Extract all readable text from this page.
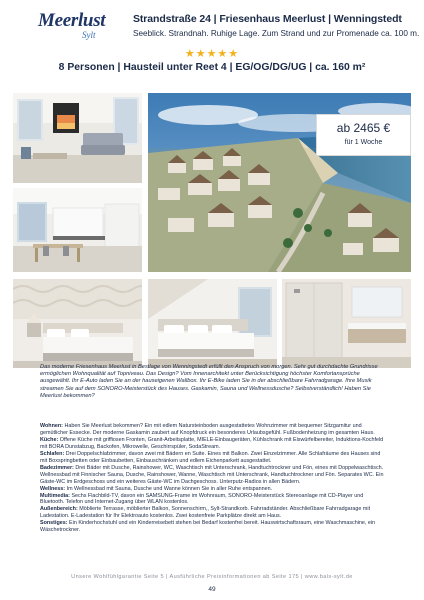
Meerlust
Sylt
Strandstraße 24 | Friesenhaus Meerlust | Wenningstedt
Seeblick. Strandnah. Ruhige Lage. Zum Strand und zur Promenade ca. 100 m.
★★★★★
8 Personen | Hausteil unter Reet 4 | EG/OG/DG/UG | ca. 160 m²
ab 2465 €
für 1 Woche
Das moderne Friesenhaus Meerlust in Bestlage von Wenningstedt erfüllt den Anspruch von morgen. Sehr gut durchdachte Grundrisse ermöglichen Wohnqualität auf Topniveau. Das Design? Vom Innenarchitekt unter Berücksichtigung höchster Komfortansprüche ausgewählt. Ihr E-Auto laden Sie an der hauseigenen Wallbox. Ihr E-Bike laden Sie in der abschließbare Fahrradgarage. Ihre Musik streamen Sie auf dem SONORO-Meisterstück des Hauses. Gaskamin, Sauna und Wellnessdusche? Selbstverständlich! Haben Sie Meerlust bekommen?

Wohnen: Haben Sie Meerlust bekommen? Ein mit edlem Natursteinboden ausgestattetes Wohnzimmer mit bequemer Sitzgarnitur und gemütlicher Essecke. Der moderne Gaskamin zaubert auf Knopfdruck ein besonderes Urlaubsgefühl. Fußbodenheizung im gesamten Haus.

Küche: Offene Küche mit griffiosen Fronten, Granit-Arbeitsplatte, MIELE-Einbaugeräten, Kühlschrank mit Eiswürfelbereiter, Induktions-Kochfeld mit BORA Dunstabzug, Backofen, Mikrowelle, Geschirrspüler, SodaStream.

Schlafen: Drei Doppelschlafzimmer, davon zwei mit Bädern en Suite. Eines mit Balkon. Zwei Einzelzimmer. Alle Schlafräume des Hauses sind mit Boxspringbetten oder Einbaubetten, Einbauschränken und edlem Eichenparkett ausgestattet.

Badezimmer: Drei Bäder mit Dusche, Rainshower, WC, Waschtisch mit Unterschrank, Handtuchtrockner und Fön, eines mit Doppelwaschtisch. Wellnessbad mit Finnischer Sauna, Dusche, Rainshower, Wanne, Waschtisch mit Unterschrank, Handtuchtrockner und Fön. Separates WC. Ein Gäste-WC im Erdgeschoss und ein weiteres Gäste-WC im Dachgeschoss. Unterputz-Radios in allen Bädern.

Wellness: Im Wellnessbad mit Sauna, Dusche und Wanne können Sie in aller Ruhe entspannen.

Multimedia: Sechs Flachbild-TV, davon ein SAMSUNG-Frame im Wohnraum, SONORO-Meisterstück Stereoanlage mit CD-Player und Bluetooth. Telefon und Internet-Zugang über WLAN kostenlos.

Außenbereich: Möblierte Terrasse, möblierter Balkon, Sonnenschirm,, Sylt-Strandkorb. Fahrradständer. Abschließbare Fahrradgarage mit Ladestation. E-Ladestation für Ihr Elektroauto kostenlos. Zwei kostenfreie Parkplätze direkt am Haus.

Sonstiges: Ein Kinderhochstuhl und ein Kinderreisebett stehen bei Bedarf kostenfrei bereit. Hauswirtschaftsraum, eine Waschmaschine, ein Wäschetrockner.

Unsere Wohlfühlgarantie Seite 5 | Ausführliche Preisinformationen ab Seite 175 | www.bals-sylt.de
49
